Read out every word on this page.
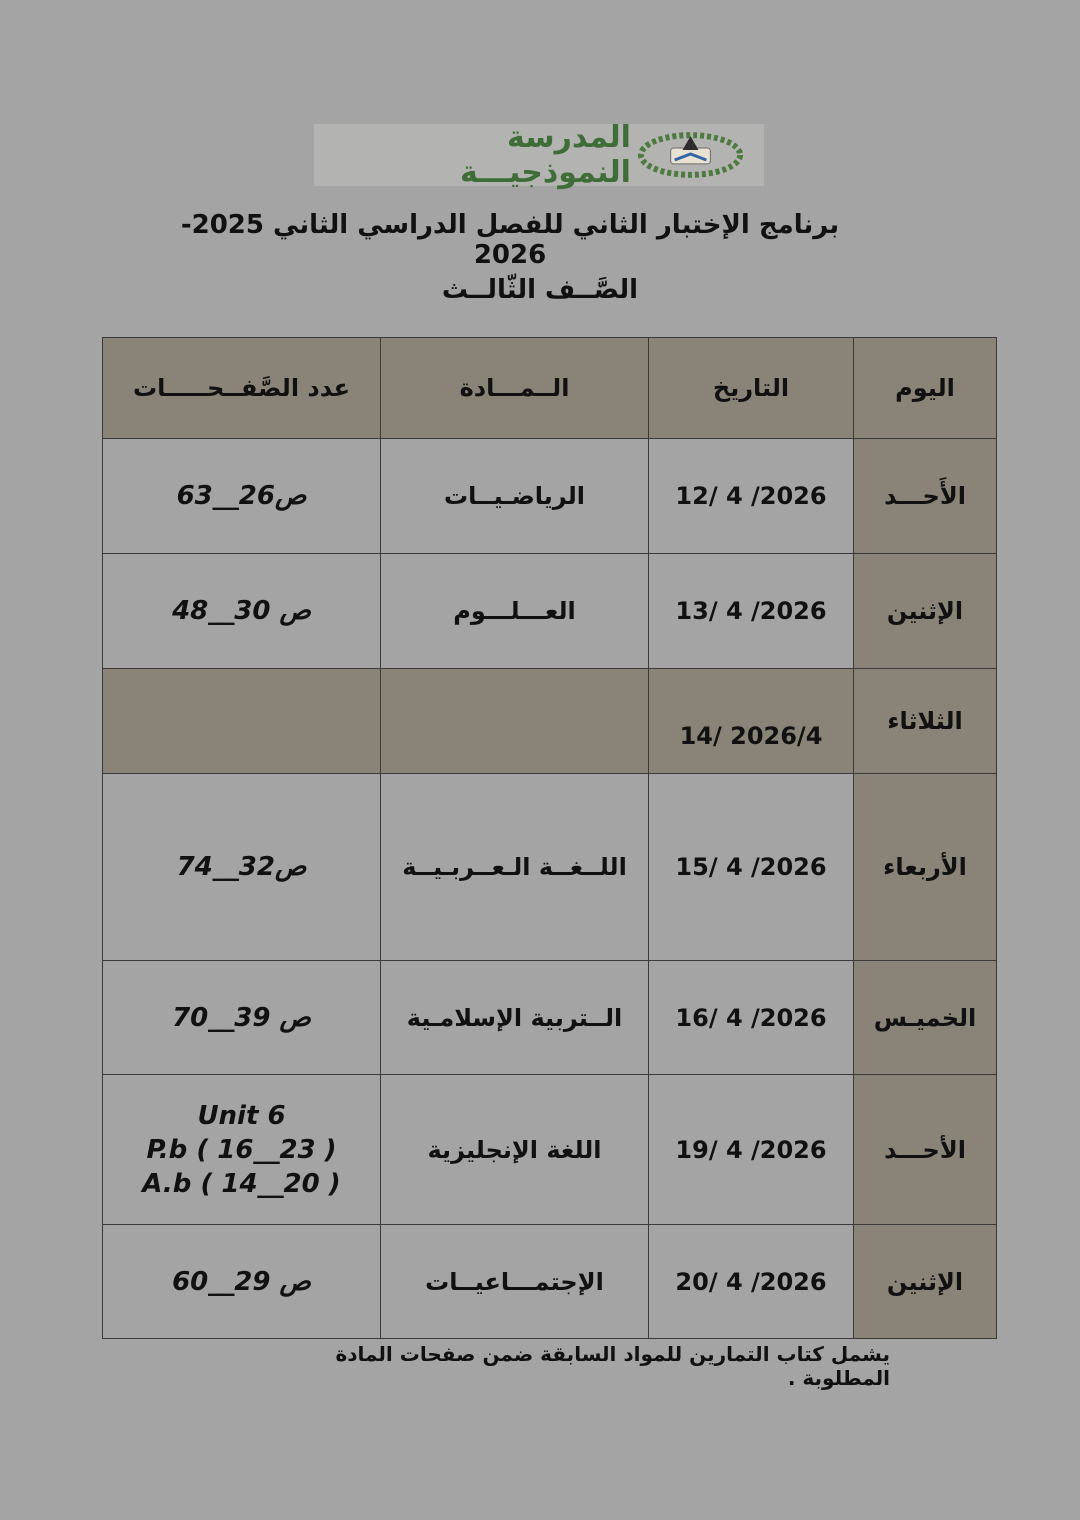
المدرسة النموذجيـــة
برنامج الإختبار الثاني للفصل الدراسي الثاني 2025- 2026
الصَّــف الثّالــث
اليوم	التاريخ	الــمـــادة	عدد الصَّفــحـــــات
الأَحـــد	12/ 4 /2026	الرياضـيــات	ص26__63
الإثنين	13/ 4 /2026	العـــلـــوم	ص 30__48
الثلاثاء	14/ 2026/4		
الأربعاء	15/ 4 /2026	اللــغــة الـعــربـيــة	ص32__74
الخميـس	16/ 4 /2026	الــتربية الإسلامـية	ص 39__70
الأحـــد	19/ 4 /2026	اللغة الإنجليزية	Unit 6
P.b ( 16__23 )
A.b ( 14__20 )

الإثنين	20/ 4 /2026	الإجتمـــاعيــات	ص 29__60
يشمل كتاب التمارين للمواد السابقة ضمن صفحات المادة المطلوبة .
